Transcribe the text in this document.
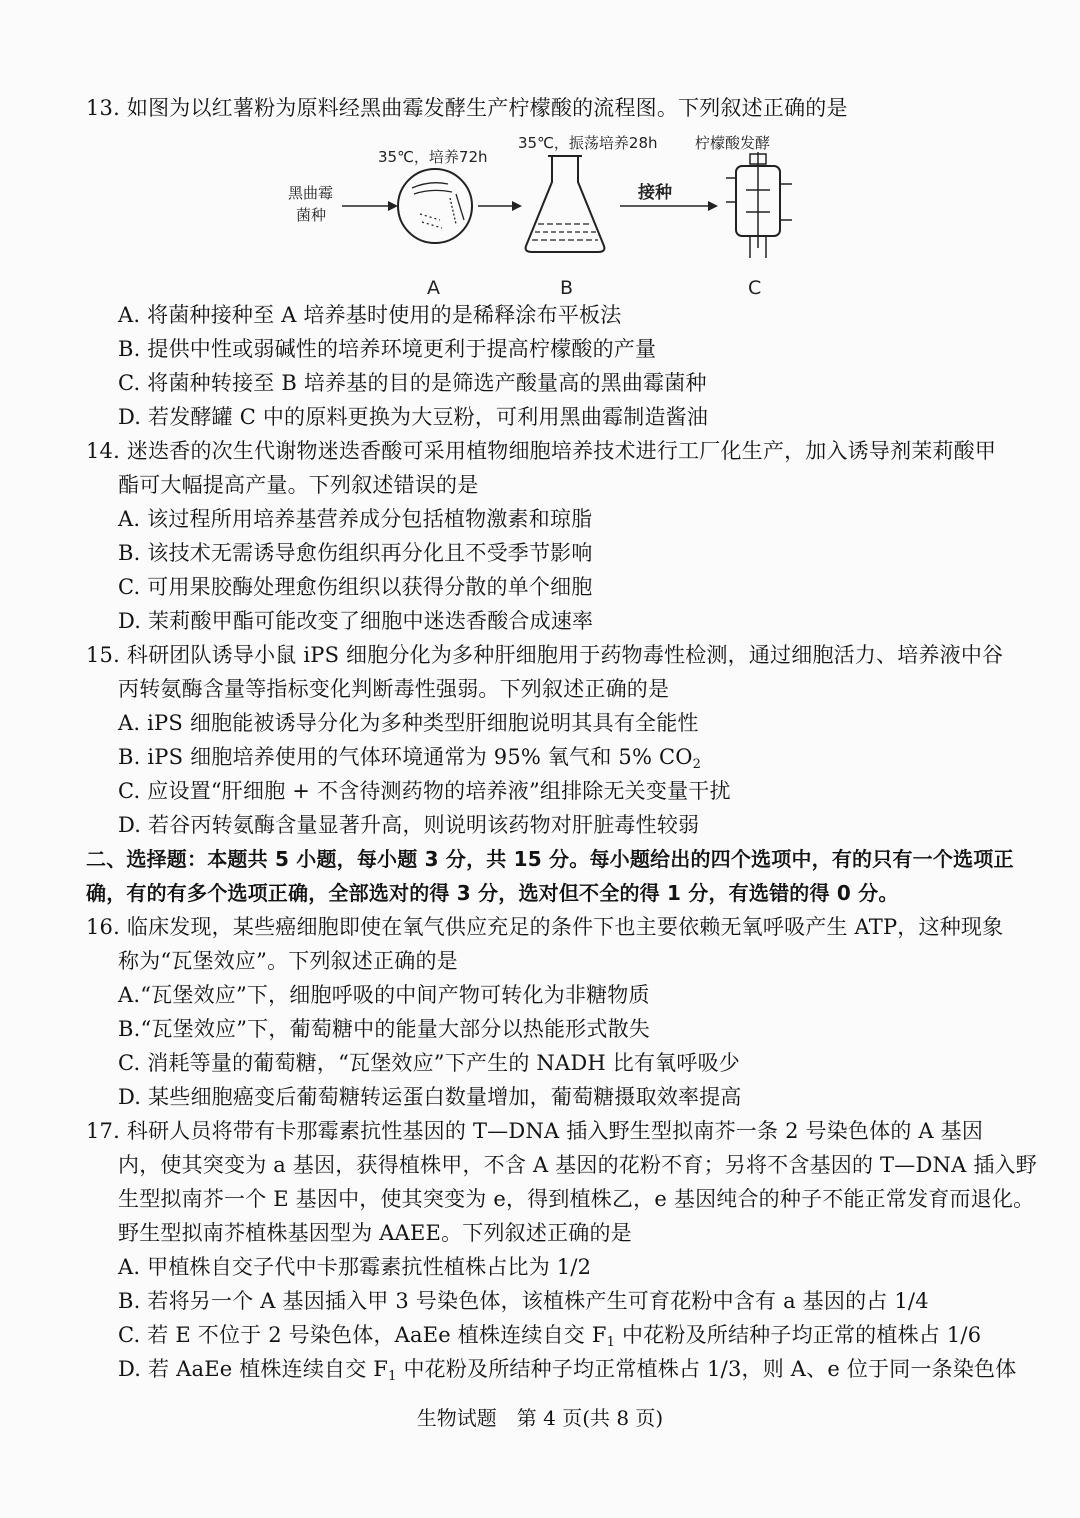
13. 如图为以红薯粉为原料经黑曲霉发酵生产柠檬酸的流程图。下列叙述正确的是
35℃，培养72h
35℃，振荡培养28h 柠檬酸发酵
黑曲霉
菌种
接种
A	B	C
A. 将菌种接种至 A 培养基时使用的是稀释涂布平板法
B. 提供中性或弱碱性的培养环境更利于提高柠檬酸的产量
C. 将菌种转接至 B 培养基的目的是筛选产酸量高的黑曲霉菌种
D. 若发酵罐 C 中的原料更换为大豆粉，可利用黑曲霉制造酱油
14. 迷迭香的次生代谢物迷迭香酸可采用植物细胞培养技术进行工厂化生产，加入诱导剂茉莉酸甲
酯可大幅提高产量。下列叙述错误的是
A. 该过程所用培养基营养成分包括植物激素和琼脂
B. 该技术无需诱导愈伤组织再分化且不受季节影响
C. 可用果胶酶处理愈伤组织以获得分散的单个细胞
D. 茉莉酸甲酯可能改变了细胞中迷迭香酸合成速率
15. 科研团队诱导小鼠 iPS 细胞分化为多种肝细胞用于药物毒性检测，通过细胞活力、培养液中谷
丙转氨酶含量等指标变化判断毒性强弱。下列叙述正确的是
A. iPS 细胞能被诱导分化为多种类型肝细胞说明其具有全能性
B. iPS 细胞培养使用的气体环境通常为 95% 氧气和 5% $CO_2$
C. 应设置“肝细胞 + 不含待测药物的培养液”组排除无关变量干扰
D. 若谷丙转氨酶含量显著升高，则说明该药物对肝脏毒性较弱
二、选择题：本题共 5 小题，每小题 3 分，共 15 分。每小题给出的四个选项中，有的只有一个选项正
确，有的有多个选项正确，全部选对的得 3 分，选对但不全的得 1 分，有选错的得 0 分。
16. 临床发现，某些癌细胞即使在氧气供应充足的条件下也主要依赖无氧呼吸产生 ATP，这种现象
称为“瓦堡效应”。下列叙述正确的是
A.“瓦堡效应”下，细胞呼吸的中间产物可转化为非糖物质
B.“瓦堡效应”下，葡萄糖中的能量大部分以热能形式散失
C. 消耗等量的葡萄糖，“瓦堡效应”下产生的 NADH 比有氧呼吸少
D. 某些细胞癌变后葡萄糖转运蛋白数量增加，葡萄糖摄取效率提高
17. 科研人员将带有卡那霉素抗性基因的 T—DNA 插入野生型拟南芥一条 2 号染色体的 A 基因
内，使其突变为 a 基因，获得植株甲，不含 A 基因的花粉不育；另将不含基因的 T—DNA 插入野
生型拟南芥一个 E 基因中，使其突变为 e，得到植株乙，e 基因纯合的种子不能正常发育而退化。
野生型拟南芥植株基因型为 AAEE。下列叙述正确的是
A. 甲植株自交子代中卡那霉素抗性植株占比为 1/2
B. 若将另一个 A 基因插入甲 3 号染色体，该植株产生可育花粉中含有 a 基因的占 1/4
C. 若 E 不位于 2 号染色体，AaEe 植株连续自交 $F_1$ 中花粉及所结种子均正常的植株占 1/6
D. 若 AaEe 植株连续自交 $F_1$ 中花粉及所结种子均正常植株占 1/3，则 A、e 位于同一条染色体
生物试题 第 4 页(共 8 页)
